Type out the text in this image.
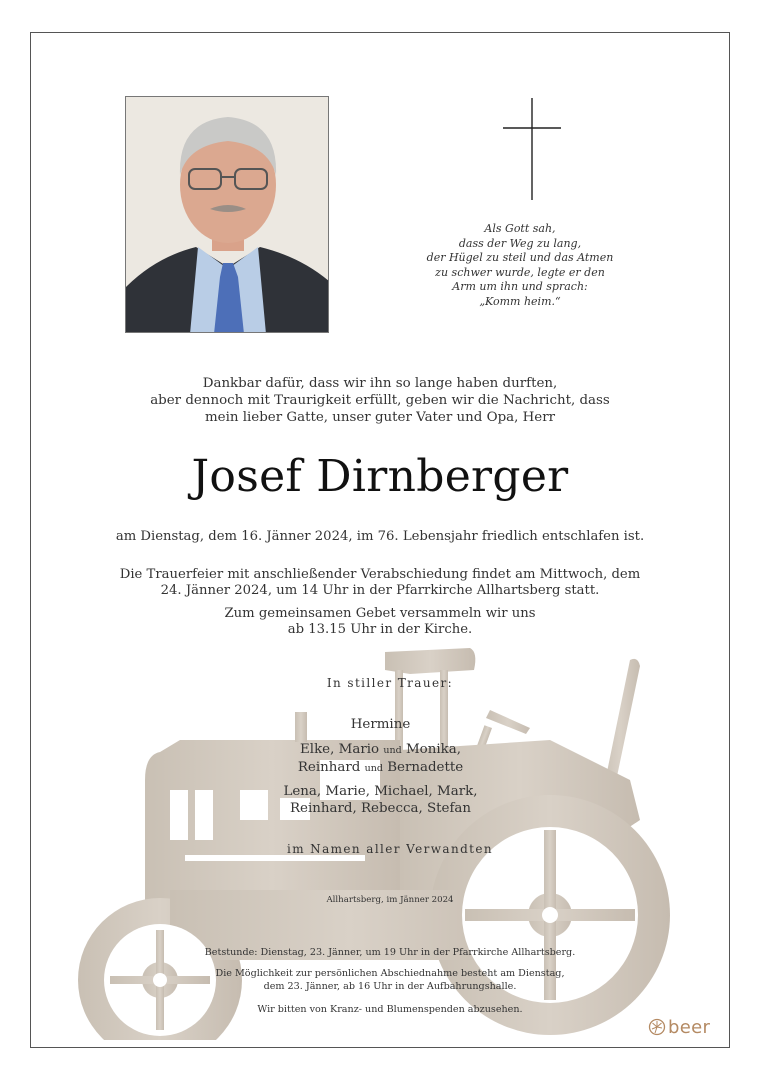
Als Gott sah,
dass der Weg zu lang,
der Hügel zu steil und das Atmen
zu schwer wurde, legte er den
Arm um ihn und sprach:
„Komm heim.“
Dankbar dafür, dass wir ihn so lange haben durften,
aber dennoch mit Traurigkeit erfüllt, geben wir die Nachricht, dass
mein lieber Gatte, unser guter Vater und Opa, Herr
Josef Dirnberger
am Dienstag, dem 16. Jänner 2024, im 76. Lebensjahr friedlich entschlafen ist.
Die Trauerfeier mit anschließender Verabschiedung findet am Mittwoch, dem
24. Jänner 2024, um 14 Uhr in der Pfarrkirche Allhartsberg statt.
Zum gemeinsamen Gebet versammeln wir uns
ab 13.15 Uhr in der Kirche.
In stiller Trauer:
Hermine
Elke, Mario und Monika,
Reinhard und Bernadette
Lena, Marie, Michael, Mark,
Reinhard, Rebecca, Stefan
im Namen aller Verwandten
Allhartsberg, im Jänner 2024
Betstunde: Dienstag, 23. Jänner, um 19 Uhr in der Pfarrkirche Allhartsberg.
Die Möglichkeit zur persönlichen Abschiednahme besteht am Dienstag,
dem 23. Jänner, ab 16 Uhr in der Aufbahrungshalle.
Wir bitten von Kranz- und Blumenspenden abzusehen.
beer
